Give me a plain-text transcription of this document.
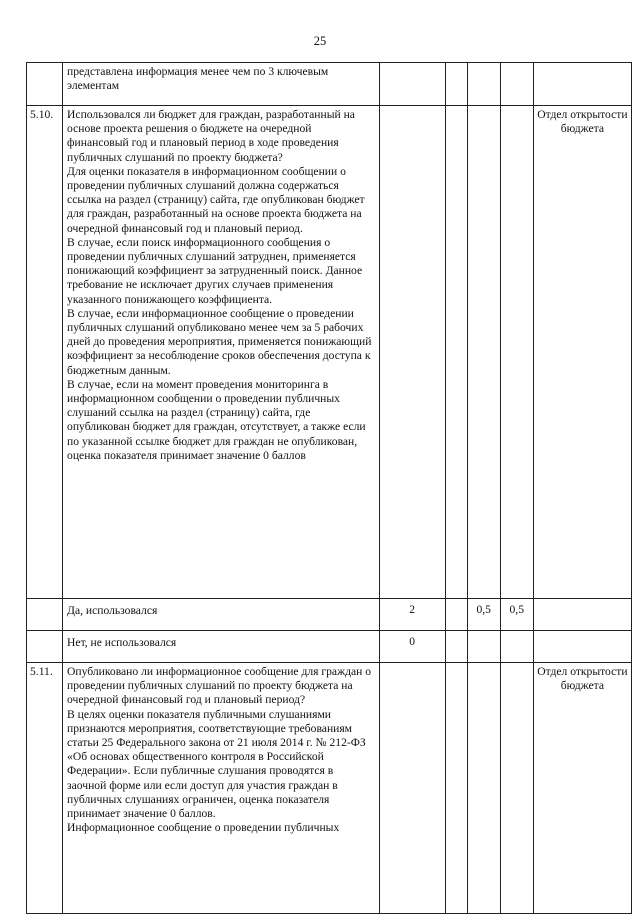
25

	представлена информация менее чем по 3 ключевым элементам					

5.10.	Использовался ли бюджет для граждан, разработанный на основе проекта решения о бюджете на очередной финансовый год и плановый период в ходе проведения публичных слушаний по проекту бюджета?

Для оценки показателя в информационном сообщении о проведении публичных слушаний должна содержаться ссылка на раздел (страницу) сайта, где опубликован бюджет для граждан, разработанный на основе проекта бюджета на очередной финансовый год и плановый период.

В случае, если поиск информационного сообщения о проведении публичных слушаний затруднен, применяется понижающий коэффициент за затрудненный поиск. Данное требование не исключает других случаев применения указанного понижающего коэффициента.

В случае, если информационное сообщение о проведении публичных слушаний опубликовано менее чем за 5 рабочих дней до проведения мероприятия, применяется понижающий коэффициент за несоблюдение сроков обеспечения доступа к бюджетным данным.

В случае, если на момент проведения мониторинга в информационном сообщении о проведении публичных слушаний ссылка на раздел (страницу) сайта, где опубликован бюджет для граждан, отсутствует, а также если по указанной ссылке бюджет для граждан не опубликован, оценка показателя принимает значение 0 баллов					Отдел открытости бюджета

	Да, использовался	2		0,5	0,5	

	Нет, не использовался	0				
5.11.	Опубликовано ли информационное сообщение для граждан о проведении публичных слушаний по проекту бюджета на очередной финансовый год и плановый период?

В целях оценки показателя публичными слушаниями признаются мероприятия, соответствующие требованиям статьи 25 Федерального закона от 21 июля 2014 г. № 212-ФЗ «Об основах общественного контроля в Российской Федерации». Если публичные слушания проводятся в заочной форме или если доступ для участия граждан в публичных слушаниях ограничен, оценка показателя принимает значение 0 баллов.

Информационное сообщение о проведении публичных					Отдел открытости бюджета
